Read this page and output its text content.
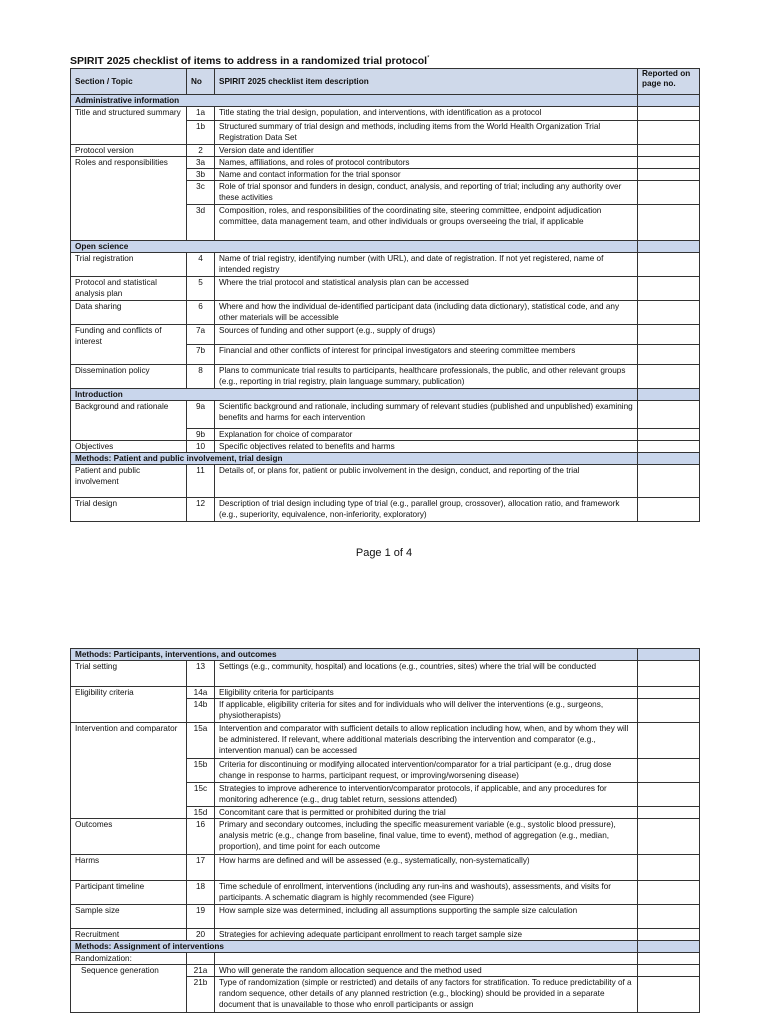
SPIRIT 2025 checklist of items to address in a randomized trial protocol*
Section / Topic	No	SPIRIT 2025 checklist item description	Reported on page no.
Administrative information			
Title and structured summary	1a	Title stating the trial design, population, and interventions, with identification as a protocol	
	1b	Structured summary of trial design and methods, including items from the World Health Organization Trial Registration Data Set	
Protocol version	2	Version date and identifier	
Roles and responsibilities	3a	Names, affiliations, and roles of protocol contributors	
	3b	Name and contact information for the trial sponsor	
	3c	Role of trial sponsor and funders in design, conduct, analysis, and reporting of trial; including any authority over these activities	
	3d	Composition, roles, and responsibilities of the coordinating site, steering committee, endpoint adjudication committee, data management team, and other individuals or groups overseeing the trial, if applicable	
Open science			
Trial registration	4	Name of trial registry, identifying number (with URL), and date of registration. If not yet registered, name of intended registry	
Protocol and statistical analysis plan	5	Where the trial protocol and statistical analysis plan can be accessed	
Data sharing	6	Where and how the individual de-identified participant data (including data dictionary), statistical code, and any other materials will be accessible	
Funding and conflicts of interest	7a	Sources of funding and other support (e.g., supply of drugs)	
	7b	Financial and other conflicts of interest for principal investigators and steering committee members	
Dissemination policy	8	Plans to communicate trial results to participants, healthcare professionals, the public, and other relevant groups (e.g., reporting in trial registry, plain language summary, publication)	
Introduction			
Background and rationale	9a	Scientific background and rationale, including summary of relevant studies (published and unpublished) examining benefits and harms for each intervention	
	9b	Explanation for choice of comparator	
Objectives	10	Specific objectives related to benefits and harms	
Methods: Patient and public involvement, trial design			
Patient and public involvement	11	Details of, or plans for, patient or public involvement in the design, conduct, and reporting of the trial	
Trial design	12	Description of trial design including type of trial (e.g., parallel group, crossover), allocation ratio, and framework (e.g., superiority, equivalence, non-inferiority, exploratory)	
Page 1 of 4
Methods: Participants, interventions, and outcomes			
Trial setting	13	Settings (e.g., community, hospital) and locations (e.g., countries, sites) where the trial will be conducted	
Eligibility criteria	14a	Eligibility criteria for participants	
	14b	If applicable, eligibility criteria for sites and for individuals who will deliver the interventions (e.g., surgeons, physiotherapists)	
Intervention and comparator	15a	Intervention and comparator with sufficient details to allow replication including how, when, and by whom they will be administered. If relevant, where additional materials describing the intervention and comparator (e.g., intervention manual) can be accessed	
	15b	Criteria for discontinuing or modifying allocated intervention/comparator for a trial participant (e.g., drug dose change in response to harms, participant request, or improving/worsening disease)	
	15c	Strategies to improve adherence to intervention/comparator protocols, if applicable, and any procedures for monitoring adherence (e.g., drug tablet return, sessions attended)	
	15d	Concomitant care that is permitted or prohibited during the trial	
Outcomes	16	Primary and secondary outcomes, including the specific measurement variable (e.g., systolic blood pressure), analysis metric (e.g., change from baseline, final value, time to event), method of aggregation (e.g., median, proportion), and time point for each outcome	
Harms	17	How harms are defined and will be assessed (e.g., systematically, non-systematically)	
Participant timeline	18	Time schedule of enrollment, interventions (including any run-ins and washouts), assessments, and visits for participants. A schematic diagram is highly recommended (see Figure)	
Sample size	19	How sample size was determined, including all assumptions supporting the sample size calculation	
Recruitment	20	Strategies for achieving adequate participant enrollment to reach target sample size	
Methods: Assignment of interventions			
Randomization:			
Sequence generation	21a	Who will generate the random allocation sequence and the method used	
	21b	Type of randomization (simple or restricted) and details of any factors for stratification. To reduce predictability of a random sequence, other details of any planned restriction (e.g., blocking) should be provided in a separate document that is unavailable to those who enroll participants or assign	
